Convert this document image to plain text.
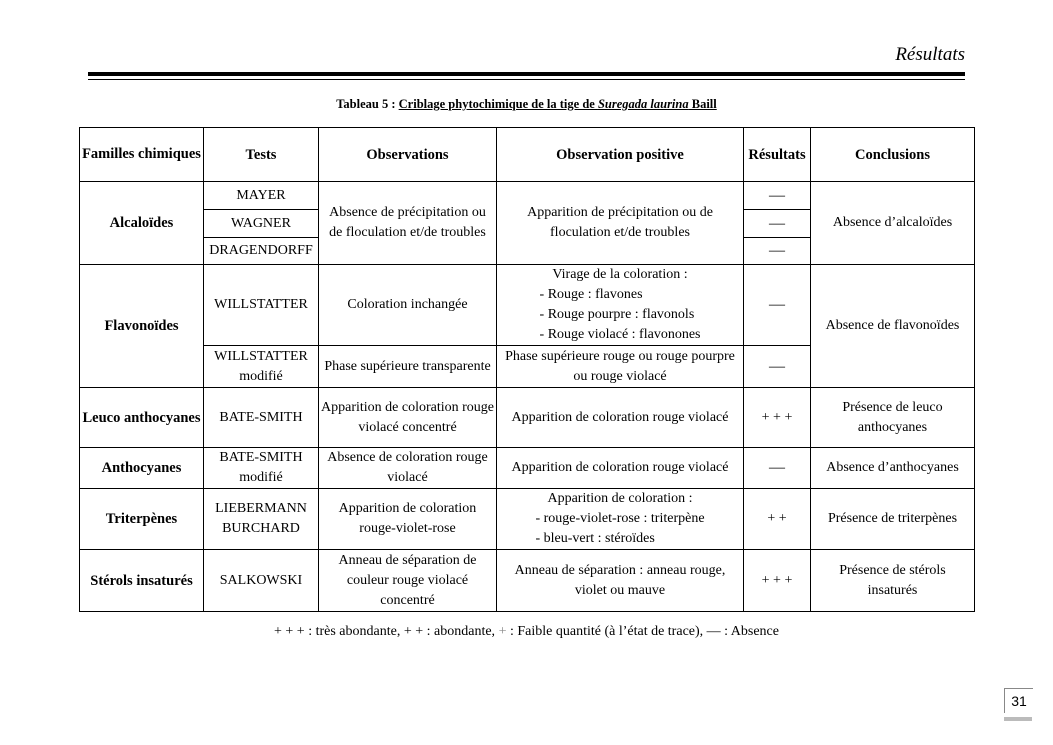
Résultats
Tableau 5 : Criblage phytochimique de la tige de Suregada laurina Baill
Familles chimiques	Tests	Observations	Observation positive	Résultats	Conclusions
Alcaloïdes	MAYER	Absence de précipitation ou de floculation et/de troubles	Apparition de précipitation ou de floculation et/de troubles	—	Absence d’alcaloïdes
	WAGNER			—	
	DRAGENDORFF			—	
Flavonoïdes	WILLSTATTER	Coloration inchangée	Virage de la coloration :
- Rouge : flavones
- Rouge pourpre : flavonols
- Rouge violacé : flavonones	—	Absence de flavonoïdes
	WILLSTATTER modifié	Phase supérieure transparente	Phase supérieure rouge ou rouge pourpre ou rouge violacé	—	
Leuco anthocyanes	BATE-SMITH	Apparition de coloration rouge violacé concentré	Apparition de coloration rouge violacé	+ + +	Présence de leuco anthocyanes
Anthocyanes	BATE-SMITH modifié	Absence de coloration rouge violacé	Apparition de coloration rouge violacé	—	Absence d’anthocyanes
Triterpènes	LIEBERMANN BURCHARD	Apparition de coloration rouge-violet-rose	Apparition de coloration :
- rouge-violet-rose : triterpène
- bleu-vert : stéroïdes	+ +	Présence de triterpènes
Stérols insaturés	SALKOWSKI	Anneau de séparation de couleur rouge violacé concentré	Anneau de séparation : anneau rouge, violet ou mauve	+ + +	Présence de stérols insaturés
+ + + : très abondante, + + : abondante, + : Faible quantité (à l’état de trace), — : Absence
31
